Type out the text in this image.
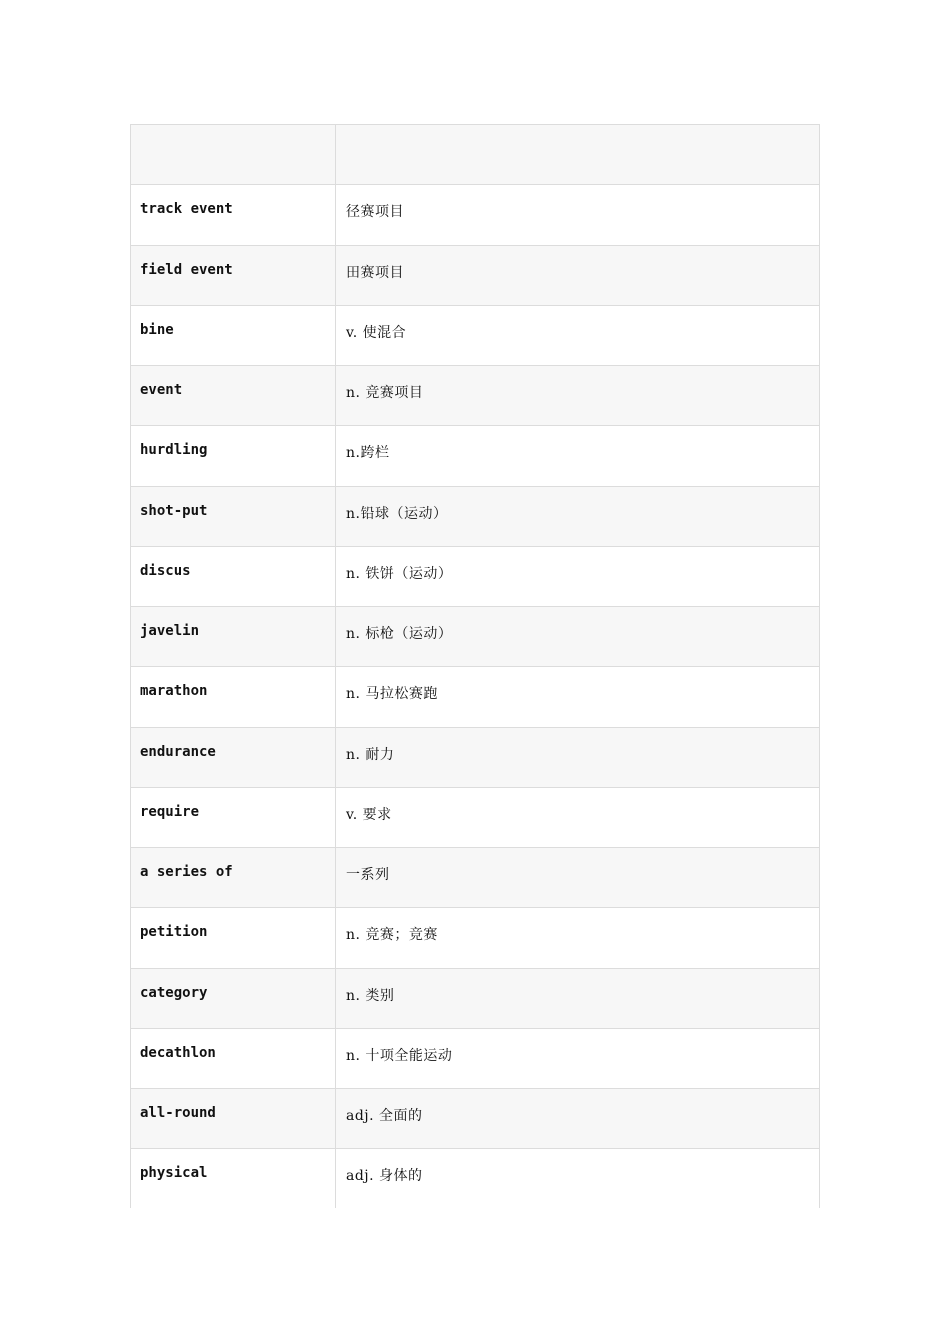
track event	径赛项目
field event	田赛项目
bine	v. 使混合
event	n. 竞赛项目
hurdling	n.跨栏
shot-put	n.铅球（运动）
discus	n. 铁饼（运动）
javelin	n. 标枪（运动）
marathon	n. 马拉松赛跑
endurance	n. 耐力
require	v. 要求
a series of	一系列
petition	n. 竞赛；竞赛
category	n. 类别
decathlon	n. 十项全能运动
all-round	adj. 全面的
physical	adj. 身体的
